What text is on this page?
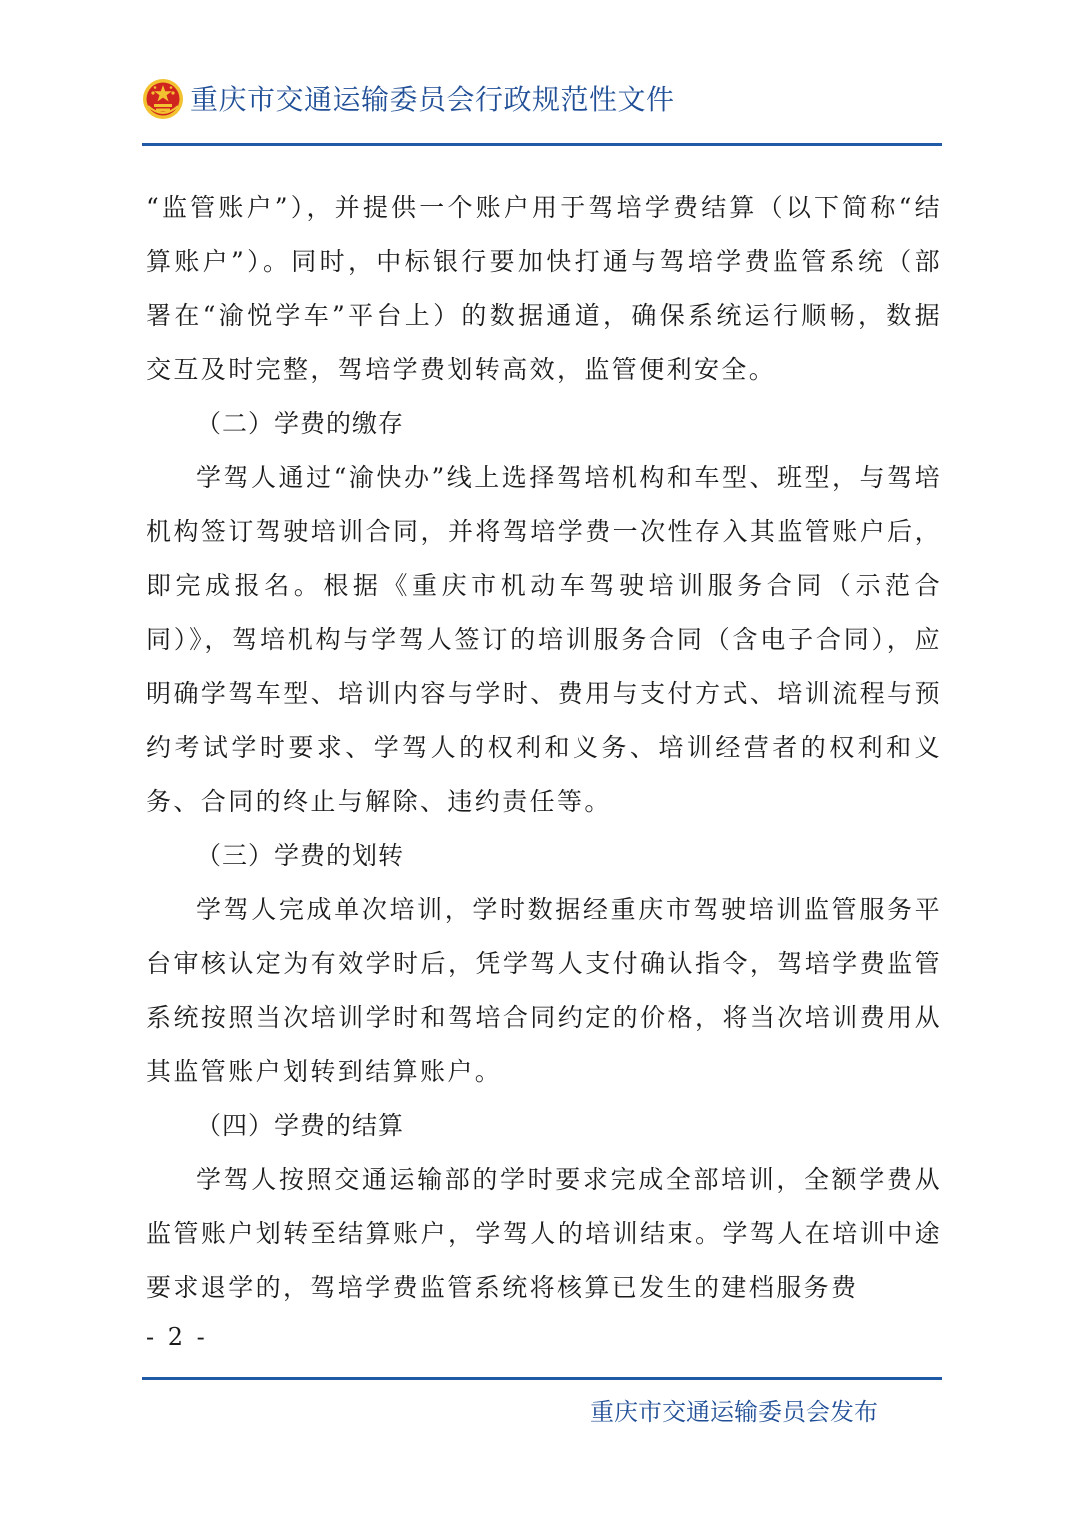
重庆市交通运输委员会行政规范性文件

“监管账户”），并提供一个账户用于驾培学费结算（以下简称“结算账户”）。同时，中标银行要加快打通与驾培学费监管系统（部署在“渝悦学车”平台上）的数据通道，确保系统运行顺畅，数据交互及时完整，驾培学费划转高效，监管便利安全。

（二）学费的缴存

学驾人通过“渝快办”线上选择驾培机构和车型、班型，与驾培机构签订驾驶培训合同，并将驾培学费一次性存入其监管账户后，即完成报名。根据《重庆市机动车驾驶培训服务合同（示范合同）》，驾培机构与学驾人签订的培训服务合同（含电子合同），应明确学驾车型、培训内容与学时、费用与支付方式、培训流程与预约考试学时要求、学驾人的权利和义务、培训经营者的权利和义务、合同的终止与解除、违约责任等。

（三）学费的划转

学驾人完成单次培训，学时数据经重庆市驾驶培训监管服务平台审核认定为有效学时后，凭学驾人支付确认指令，驾培学费监管系统按照当次培训学时和驾培合同约定的价格，将当次培训费用从其监管账户划转到结算账户。

（四）学费的结算

学驾人按照交通运输部的学时要求完成全部培训，全额学费从监管账户划转至结算账户，学驾人的培训结束。学驾人在培训中途要求退学的，驾培学费监管系统将核算已发生的建档服务费

- 2 -
重庆市交通运输委员会发布
